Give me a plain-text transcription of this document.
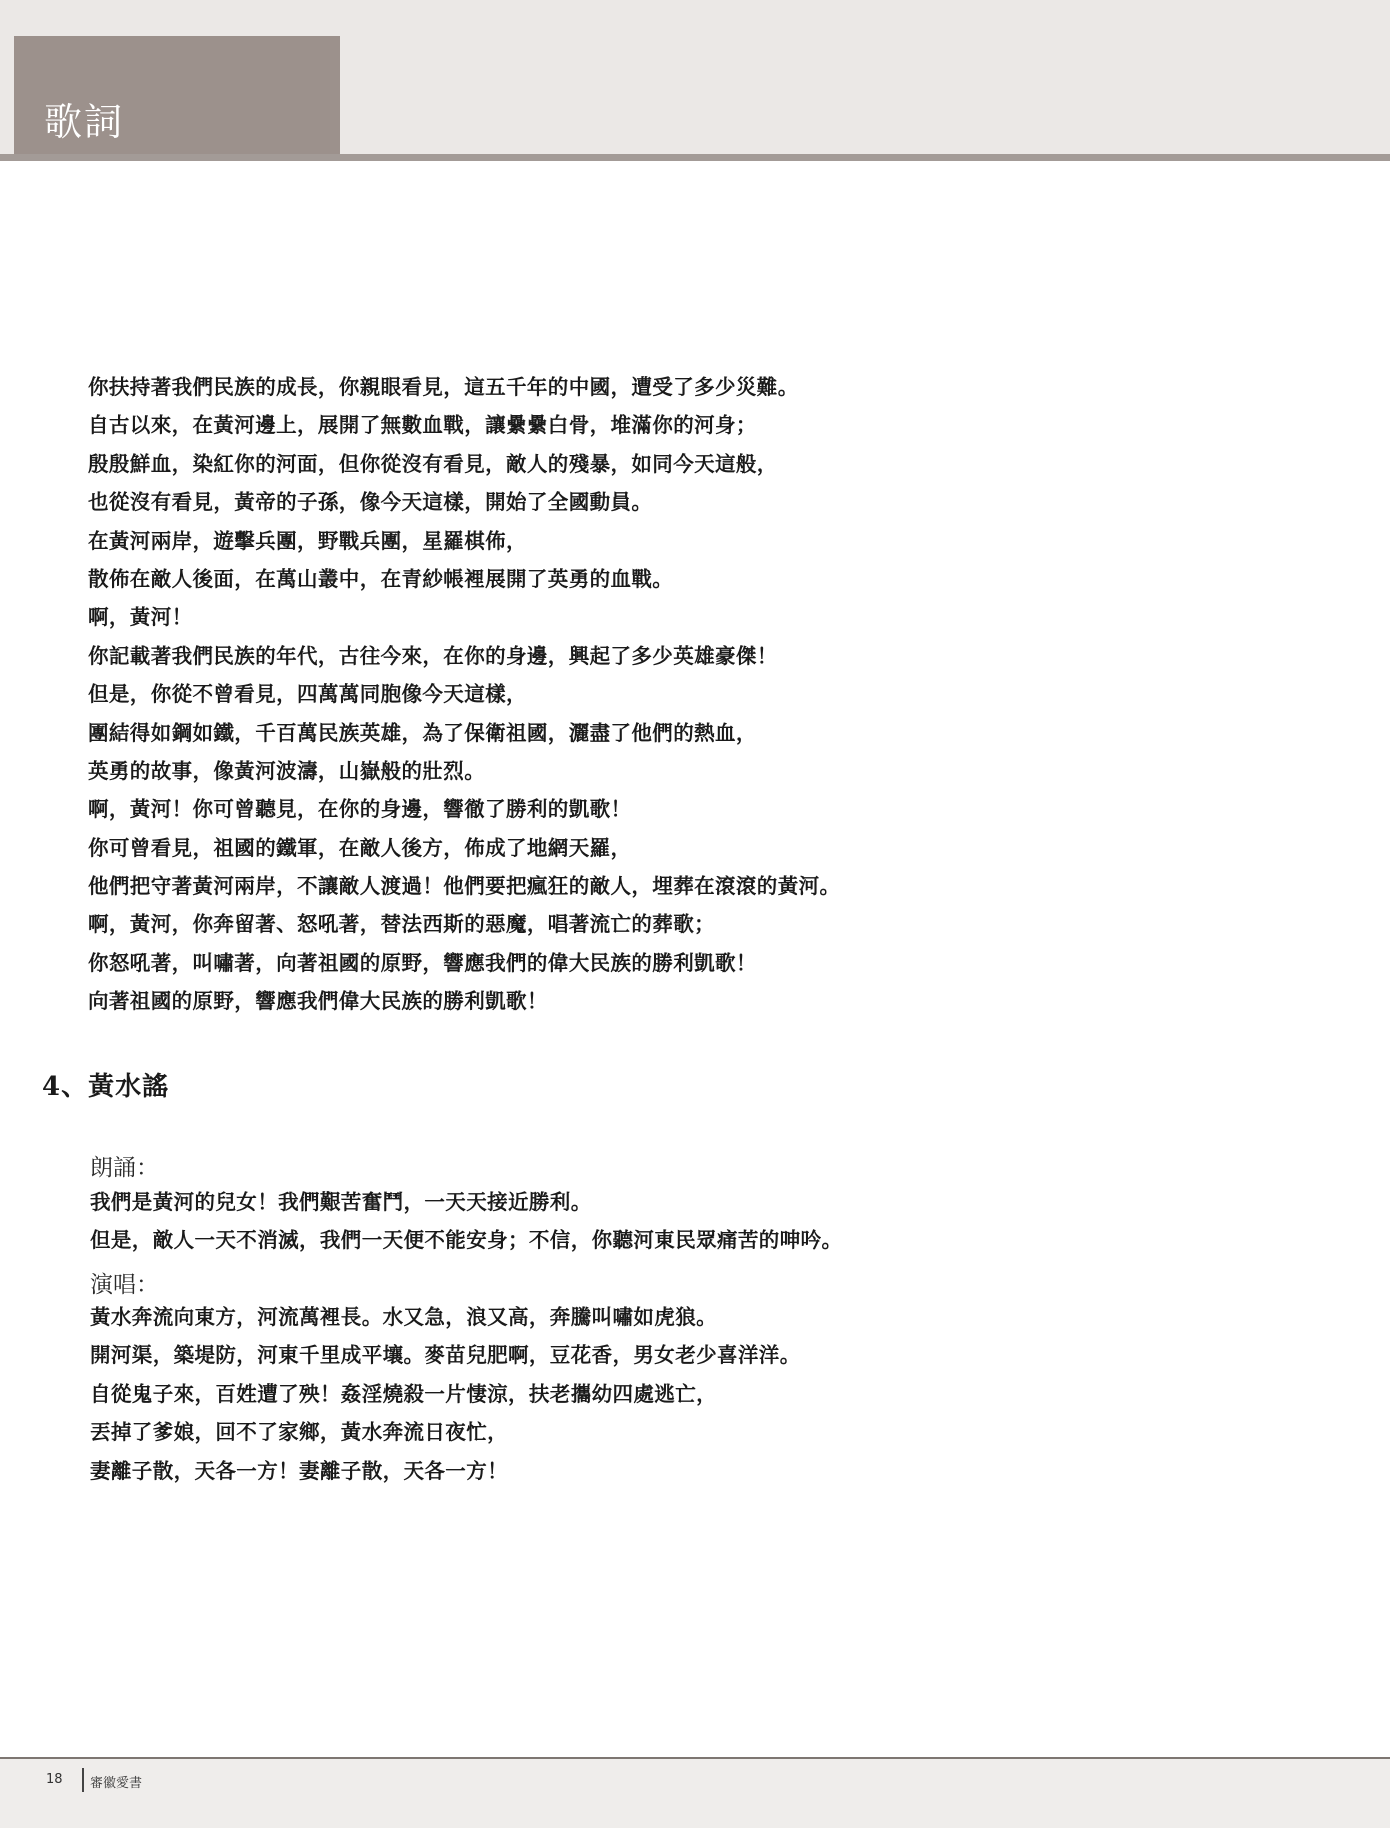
歌詞
你扶持著我們民族的成長，你親眼看見，這五千年的中國，遭受了多少災難。
自古以來，在黃河邊上，展開了無數血戰，讓纍纍白骨，堆滿你的河身；
殷殷鮮血，染紅你的河面，但你從沒有看見，敵人的殘暴，如同今天這般，
也從沒有看見，黃帝的子孫，像今天這樣，開始了全國動員。
在黃河兩岸，遊擊兵團，野戰兵團，星羅棋佈，
散佈在敵人後面，在萬山叢中，在青紗帳裡展開了英勇的血戰。
啊，黃河！
你記載著我們民族的年代，古往今來，在你的身邊，興起了多少英雄豪傑！
但是，你從不曾看見，四萬萬同胞像今天這樣，
團結得如鋼如鐵，千百萬民族英雄，為了保衛祖國，灑盡了他們的熱血，
英勇的故事，像黃河波濤，山嶽般的壯烈。
啊，黃河！你可曾聽見，在你的身邊，響徹了勝利的凱歌！
你可曾看見，祖國的鐵軍，在敵人後方，佈成了地網天羅，
他們把守著黃河兩岸，不讓敵人渡過！他們要把瘋狂的敵人，埋葬在滾滾的黃河。
啊，黃河，你奔留著、怒吼著，替法西斯的惡魔，唱著流亡的葬歌；
你怒吼著，叫嘯著，向著祖國的原野，響應我們的偉大民族的勝利凱歌！
向著祖國的原野，響應我們偉大民族的勝利凱歌！
4、黃水謠
朗誦：
我們是黃河的兒女！我們艱苦奮鬥，一天天接近勝利。
但是，敵人一天不消滅，我們一天便不能安身；不信，你聽河東民眾痛苦的呻吟。
演唱：
黃水奔流向東方，河流萬裡長。水又急，浪又高，奔騰叫嘯如虎狼。
開河渠，築堤防，河東千里成平壤。麥苗兒肥啊，豆花香，男女老少喜洋洋。
自從鬼子來，百姓遭了殃！姦淫燒殺一片悽涼，扶老攜幼四處逃亡，
丟掉了爹娘，回不了家鄉，黃水奔流日夜忙，
妻離子散，天各一方！妻離子散，天各一方！
18 審徽愛書
